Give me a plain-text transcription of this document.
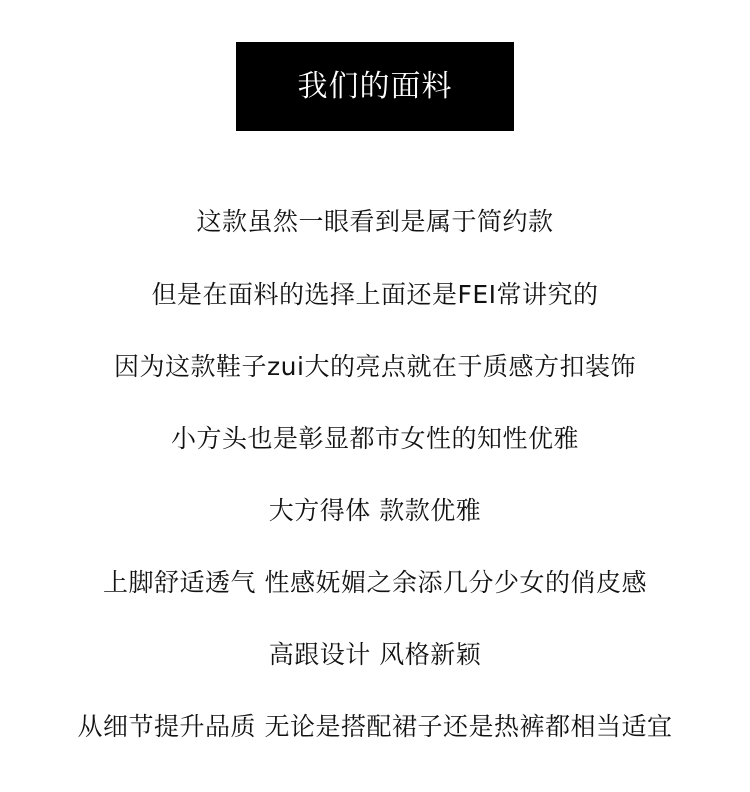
我们的面料
这款虽然一眼看到是属于简约款
但是在面料的选择上面还是FEI常讲究的
因为这款鞋子zui大的亮点就在于质感方扣装饰
小方头也是彰显都市女性的知性优雅
大方得体 款款优雅
上脚舒适透气 性感妩媚之余添几分少女的俏皮感
高跟设计 风格新颖
从细节提升品质 无论是搭配裙子还是热裤都相当适宜
